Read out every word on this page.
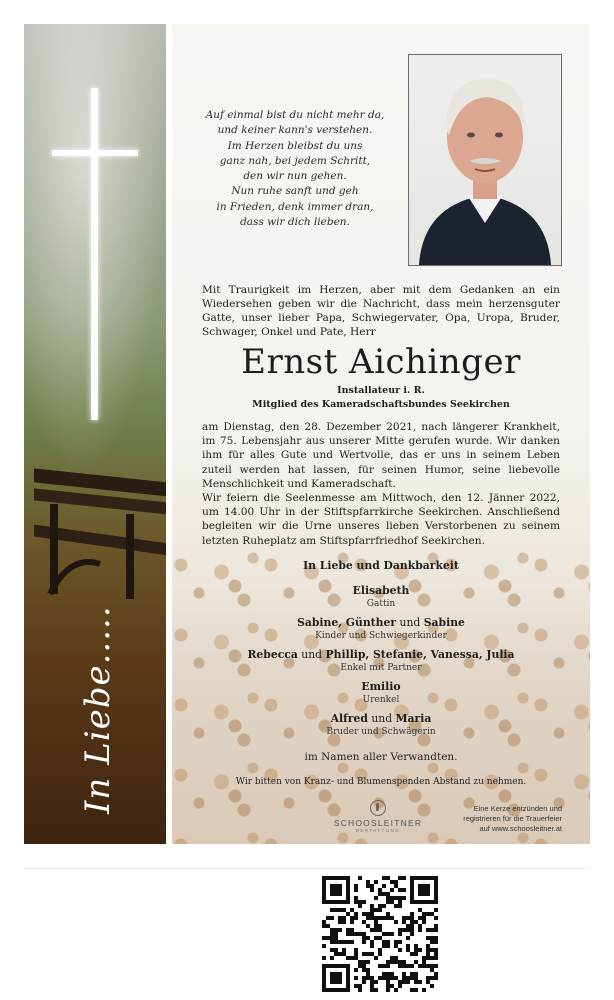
In Liebe.....
Auf einmal bist du nicht mehr da,
und keiner kann's verstehen.
Im Herzen bleibst du uns
ganz nah, bei jedem Schritt,
den wir nun gehen.
Nun ruhe sanft und geh
in Frieden, denk immer dran,
dass wir dich lieben.
Mit Traurigkeit im Herzen, aber mit dem Gedanken an ein Wiedersehen geben wir die Nachricht, dass mein herzensguter Gatte, unser lieber Papa, Schwiegervater, Opa, Uropa, Bruder, Schwager, Onkel und Pate, Herr
Ernst Aichinger
Installateur i. R.
Mitglied des Kameradschaftsbundes Seekirchen
am Dienstag, den 28. Dezember 2021, nach längerer Krankheit, im 75. Lebensjahr aus unserer Mitte gerufen wurde. Wir danken ihm für alles Gute und Wertvolle, das er uns in seinem Leben zuteil werden hat lassen, für seinen Humor, seine liebevolle Menschlichkeit und Kameradschaft.
Wir feiern die Seelenmesse am Mittwoch, den 12. Jänner 2022, um 14.00 Uhr in der Stiftspfarrkirche Seekirchen. Anschließend begleiten wir die Urne unseres lieben Verstorbenen zu seinem letzten Ruheplatz am Stiftspfarrfriedhof Seekirchen.
In Liebe und Dankbarkeit
Elisabeth
Gattin
Sabine, Günther und Sabine
Kinder und Schwiegerkinder
Rebecca und Phillip, Stefanie, Vanessa, Julia
Enkel mit Partner
Emilio
Urenkel
Alfred und Maria
Bruder und Schwägerin
im Namen aller Verwandten.
Wir bitten von Kranz- und Blumenspenden Abstand zu nehmen.
SCHOOSLEITNER
BESTATTUNG
Eine Kerze entzünden und
registrieren für die Trauerfeier
auf www.schoosleitner.at
